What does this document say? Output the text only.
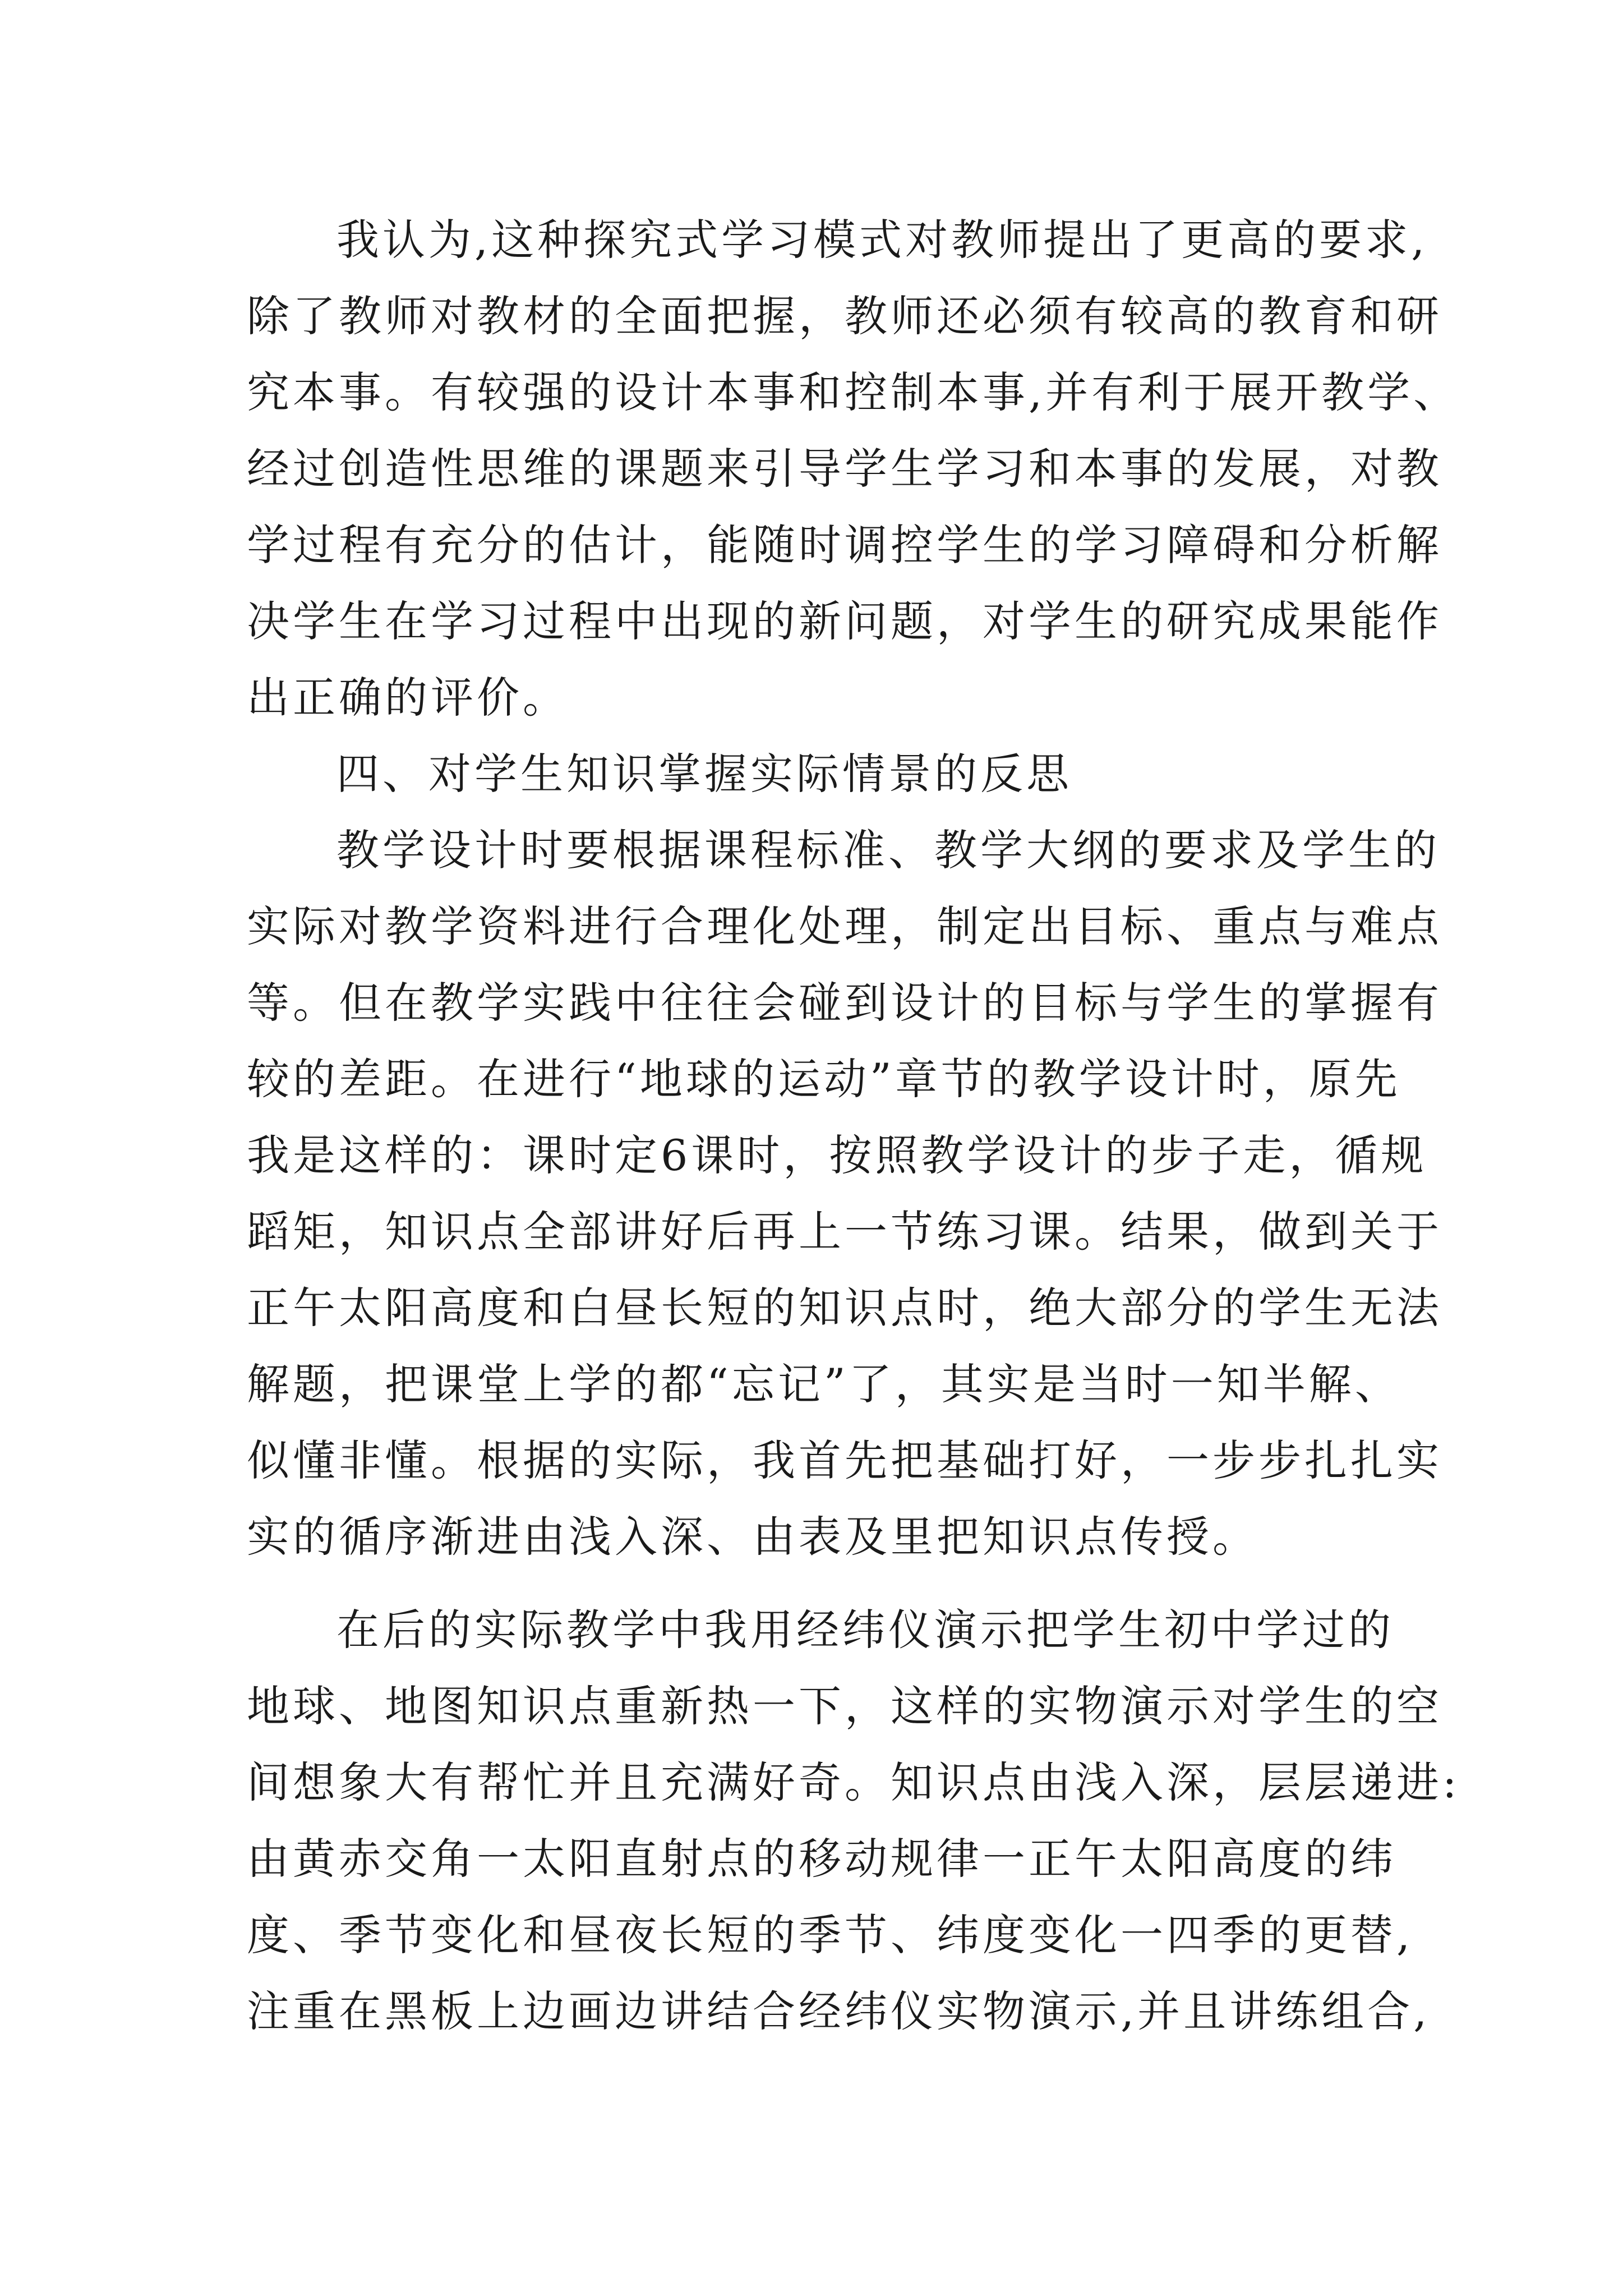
我认为,这种探究式学习模式对教师提出了更高的要求,
除了教师对教材的全面把握，教师还必须有较高的教育和研
究本事。有较强的设计本事和控制本事,并有利于展开教学、
经过创造性思维的课题来引导学生学习和本事的发展，对教
学过程有充分的估计，能随时调控学生的学习障碍和分析解
决学生在学习过程中出现的新问题，对学生的研究成果能作
出正确的评价。
四、对学生知识掌握实际情景的反思
教学设计时要根据课程标准、教学大纲的要求及学生的
实际对教学资料进行合理化处理，制定出目标、重点与难点
等。但在教学实践中往往会碰到设计的目标与学生的掌握有
较的差距。在进行“地球的运动”章节的教学设计时，原先
我是这样的：课时定6课时，按照教学设计的步子走，循规
蹈矩，知识点全部讲好后再上一节练习课。结果，做到关于
正午太阳高度和白昼长短的知识点时，绝大部分的学生无法
解题，把课堂上学的都“忘记”了，其实是当时一知半解、
似懂非懂。根据的实际，我首先把基础打好，一步步扎扎实
实的循序渐进由浅入深、由表及里把知识点传授。
在后的实际教学中我用经纬仪演示把学生初中学过的
地球、地图知识点重新热一下，这样的实物演示对学生的空
间想象大有帮忙并且充满好奇。知识点由浅入深，层层递进:
由黄赤交角一太阳直射点的移动规律一正午太阳高度的纬
度、季节变化和昼夜长短的季节、纬度变化一四季的更替,
注重在黑板上边画边讲结合经纬仪实物演示,并且讲练组合,
